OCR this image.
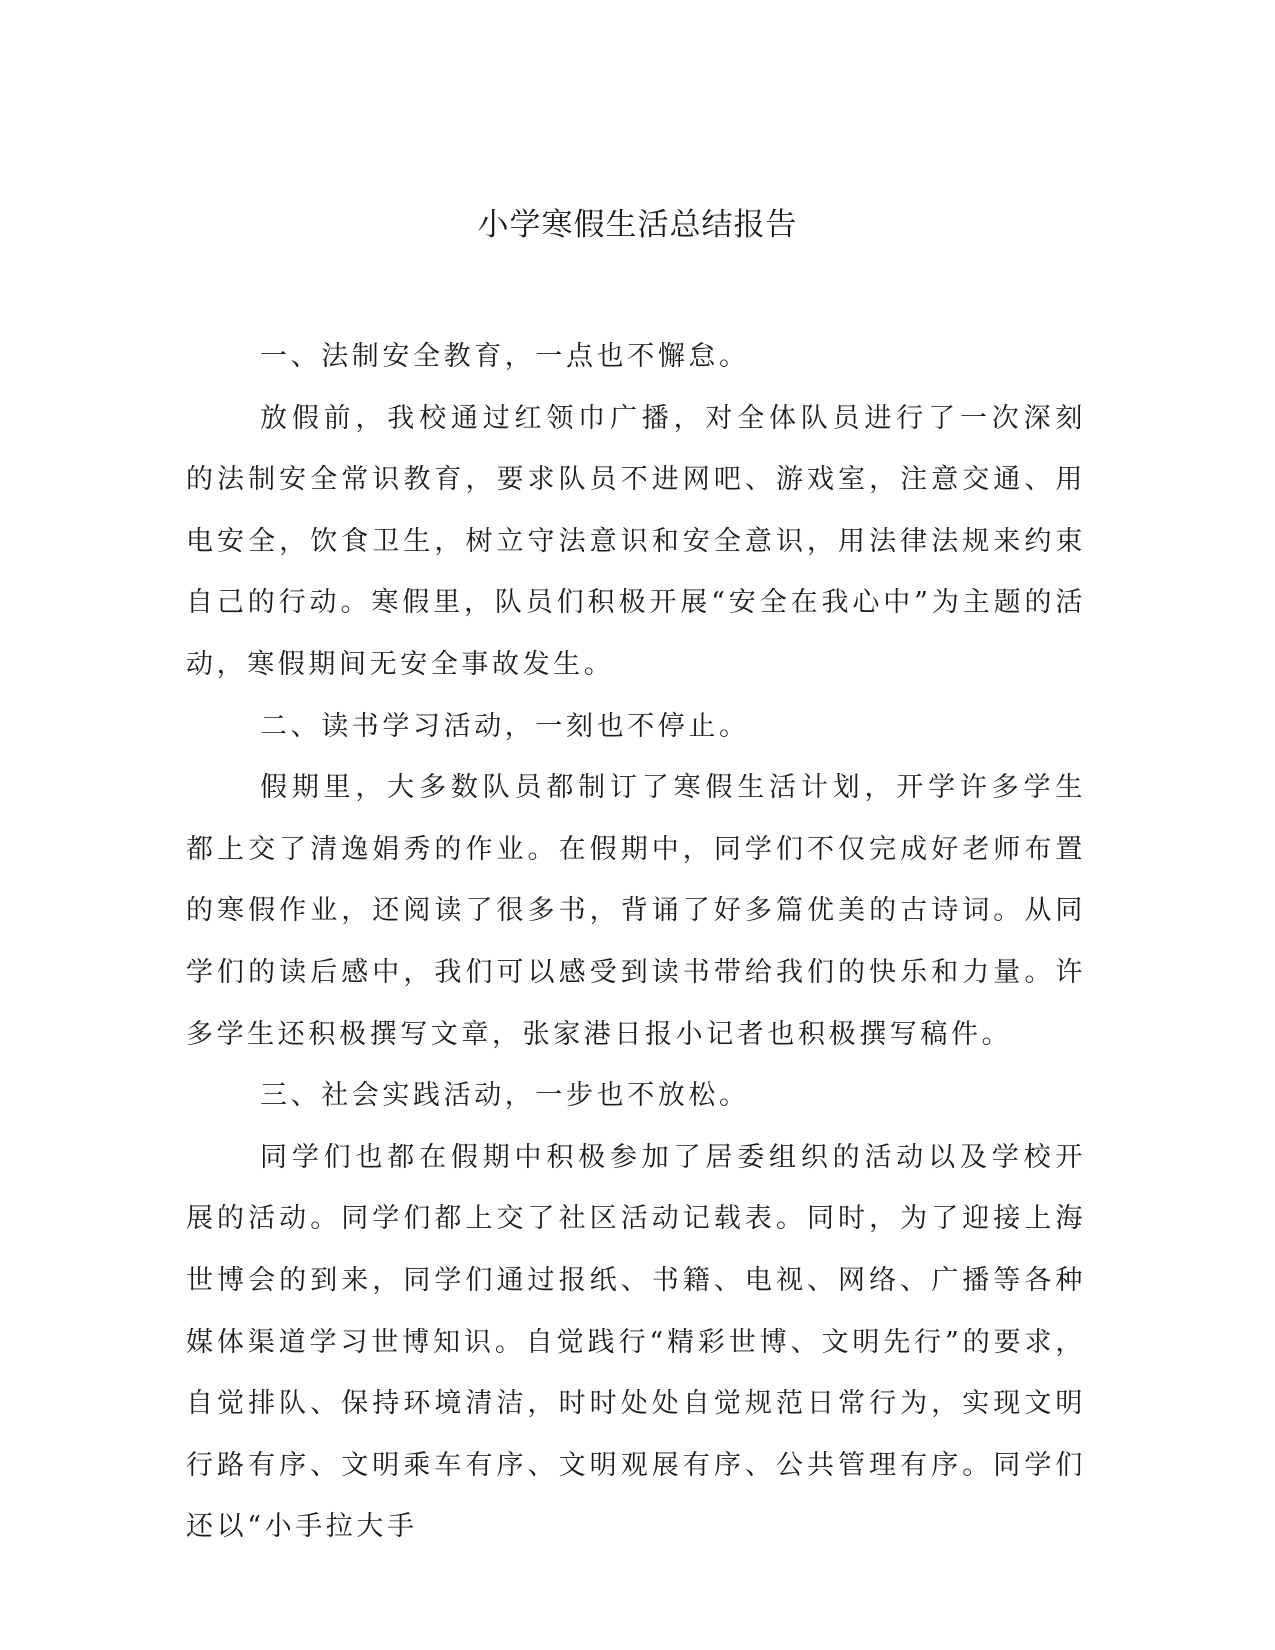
小学寒假生活总结报告

一、法制安全教育，一点也不懈怠。

放假前，我校通过红领巾广播，对全体队员进行了一次深刻的法制安全常识教育，要求队员不进网吧、游戏室，注意交通、用电安全，饮食卫生，树立守法意识和安全意识，用法律法规来约束自己的行动。寒假里，队员们积极开展“安全在我心中”为主题的活动，寒假期间无安全事故发生。

二、读书学习活动，一刻也不停止。

假期里，大多数队员都制订了寒假生活计划，开学许多学生都上交了清逸娟秀的作业。在假期中，同学们不仅完成好老师布置的寒假作业，还阅读了很多书，背诵了好多篇优美的古诗词。从同学们的读后感中，我们可以感受到读书带给我们的快乐和力量。许多学生还积极撰写文章，张家港日报小记者也积极撰写稿件。

三、社会实践活动，一步也不放松。

同学们也都在假期中积极参加了居委组织的活动以及学校开展的活动。同学们都上交了社区活动记载表。同时，为了迎接上海世博会的到来，同学们通过报纸、书籍、电视、网络、广播等各种媒体渠道学习世博知识。自觉践行“精彩世博、文明先行”的要求，自觉排队、保持环境清洁，时时处处自觉规范日常行为，实现文明行路有序、文明乘车有序、文明观展有序、公共管理有序。同学们还以“小手拉大手
